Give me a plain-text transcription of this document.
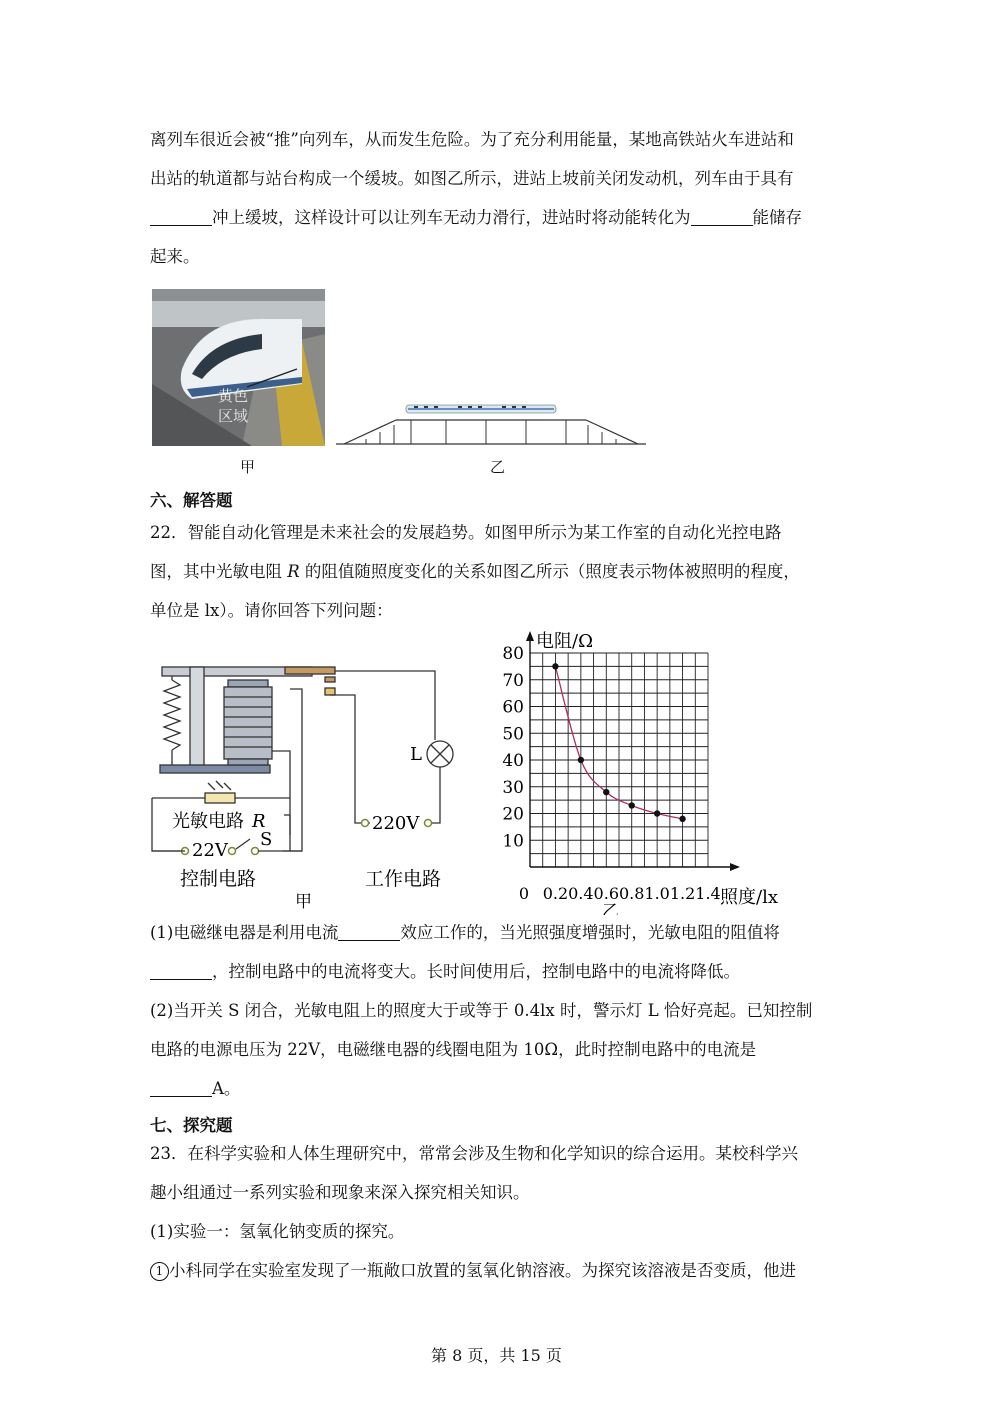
离列车很近会被“推”向列车，从而发生危险。为了充分利用能量，某地高铁站火车进站和

出站的轨道都与站台构成一个缓坡。如图乙所示，进站上坡前关闭发动机，列车由于具有

冲上缓坡，这样设计可以让列车无动力滑行，进站时将动能转化为	能储存

起来。

黄色
区域
甲	乙
六、解答题

22．智能自动化管理是未来社会的发展趋势。如图甲所示为某工作室的自动化光控电路

图，其中光敏电阻 R 的阻值随照度变化的关系如图乙所示（照度表示物体被照明的程度，

单位是 lx）。请你回答下列问题：

L
光敏电路 R
S
22V
220V
控制电路	工作电路
甲
10
20
30
40
50
60
70
80
0 0.2 0.4 0.6 0.8 1.0 1.2 1.4
电阻/Ω
照度/lx
乙

(1)电磁继电器是利用电流	效应工作的，当光照强度增强时，光敏电阻的阻值将

，控制电路中的电流将变大。长时间使用后，控制电路中的电流将降低。

(2)当开关 S 闭合，光敏电阻上的照度大于或等于 0.4lx 时，警示灯 L 恰好亮起。已知控制

电路的电源电压为 22V，电磁继电器的线圈电阻为 10Ω，此时控制电路中的电流是

A。

七、探究题

23．在科学实验和人体生理研究中，常常会涉及生物和化学知识的综合运用。某校科学兴

趣小组通过一系列实验和现象来深入探究相关知识。

(1)实验一：氢氧化钠变质的探究。

1 小科同学在实验室发现了一瓶敞口放置的氢氧化钠溶液。为探究该溶液是否变质，他进

第 8 页，共 15 页
